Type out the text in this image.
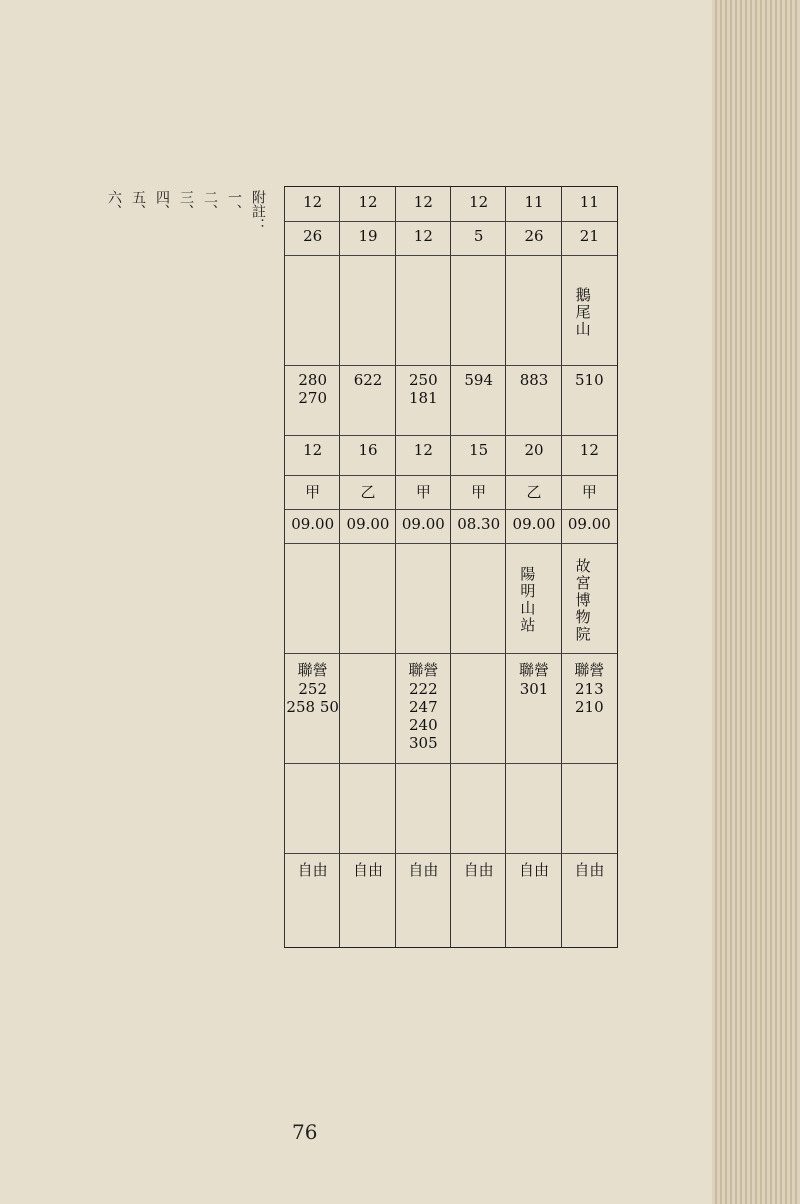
附註：

一、

二、

三、

四、

五、

六、	11
21
鵝尾山
510
12
甲
09.00
故宮博物院
聯營213 210
自由
11
26
883
20
乙
09.00
陽明山站
聯營301
自由
12
5
594
15
甲
08.30
自由
12
12
250 181
12
甲
09.00
聯營222 247 240 305
自由
12
19
622
16
乙
09.00
自由
12
26
280 270
12
甲
09.00
聯營252 258 50
自由
76
